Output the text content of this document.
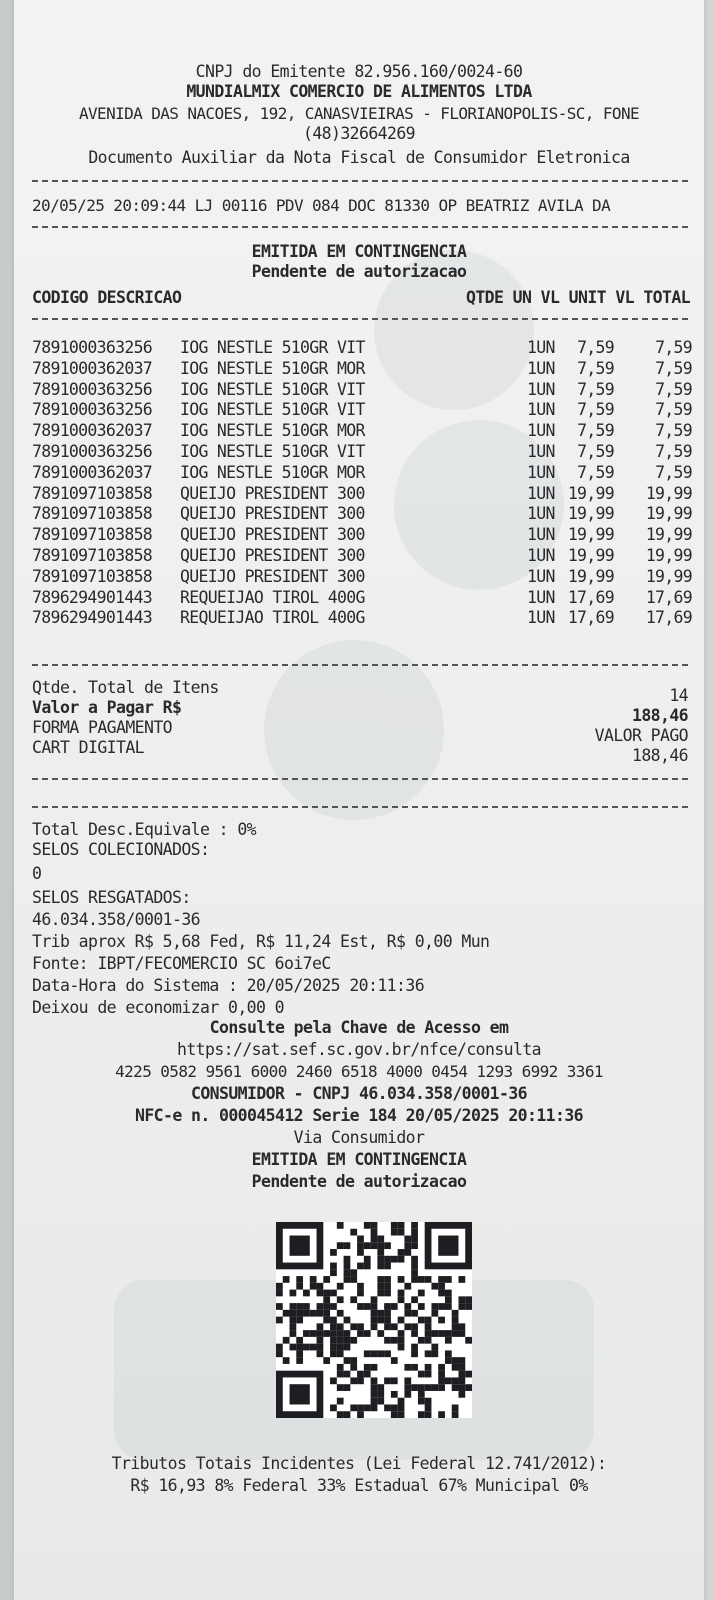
CNPJ do Emitente 82.956.160/0024-60
MUNDIALMIX COMERCIO DE ALIMENTOS LTDA
AVENIDA DAS NACOES, 192, CANASVIEIRAS - FLORIANOPOLIS-SC, FONE
(48)32664269
Documento Auxiliar da Nota Fiscal de Consumidor Eletronica
20/05/25 20:09:44 LJ 00116 PDV 084 DOC 81330 OP BEATRIZ AVILA DA
EMITIDA EM CONTINGENCIA
Pendente de autorizacao
CODIGO DESCRICAO	QTDE UN VL UNIT VL TOTAL
7891000363256 IOG NESTLE 510GR VIT	1UN 7,59 7,59
7891000362037 IOG NESTLE 510GR MOR	1UN 7,59 7,59
7891000363256 IOG NESTLE 510GR VIT	1UN 7,59 7,59
7891000363256 IOG NESTLE 510GR VIT	1UN 7,59 7,59
7891000362037 IOG NESTLE 510GR MOR	1UN 7,59 7,59
7891000363256 IOG NESTLE 510GR VIT	1UN 7,59 7,59
7891000362037 IOG NESTLE 510GR MOR	1UN 7,59 7,59
7891097103858 QUEIJO PRESIDENT 300	1UN 19,99 19,99
7891097103858 QUEIJO PRESIDENT 300	1UN 19,99 19,99
7891097103858 QUEIJO PRESIDENT 300	1UN 19,99 19,99
7891097103858 QUEIJO PRESIDENT 300	1UN 19,99 19,99
7891097103858 QUEIJO PRESIDENT 300	1UN 19,99 19,99
7896294901443 REQUEIJAO TIROL 400G	1UN 17,69 17,69
7896294901443 REQUEIJAO TIROL 400G	1UN 17,69 17,69
Qtde. Total de Itens	14
Valor a Pagar R$	188,46
FORMA PAGAMENTO	VALOR PAGO
CART DIGITAL	188,46
Total Desc.Equivale : 0%
SELOS COLECIONADOS:
0
SELOS RESGATADOS:
46.034.358/0001-36
Trib aprox R$ 5,68 Fed, R$ 11,24 Est, R$ 0,00 Mun
Fonte: IBPT/FECOMERCIO SC 6oi7eC
Data-Hora do Sistema : 20/05/2025 20:11:36
Deixou de economizar 0,00 0
Consulte pela Chave de Acesso em
https://sat.sef.sc.gov.br/nfce/consulta
4225 0582 9561 6000 2460 6518 4000 0454 1293 6992 3361
CONSUMIDOR - CNPJ 46.034.358/0001-36
NFC-e n. 000045412 Serie 184 20/05/2025 20:11:36
Via Consumidor
EMITIDA EM CONTINGENCIA
Pendente de autorizacao
Tributos Totais Incidentes (Lei Federal 12.741/2012):
R$ 16,93 8% Federal 33% Estadual 67% Municipal 0%
